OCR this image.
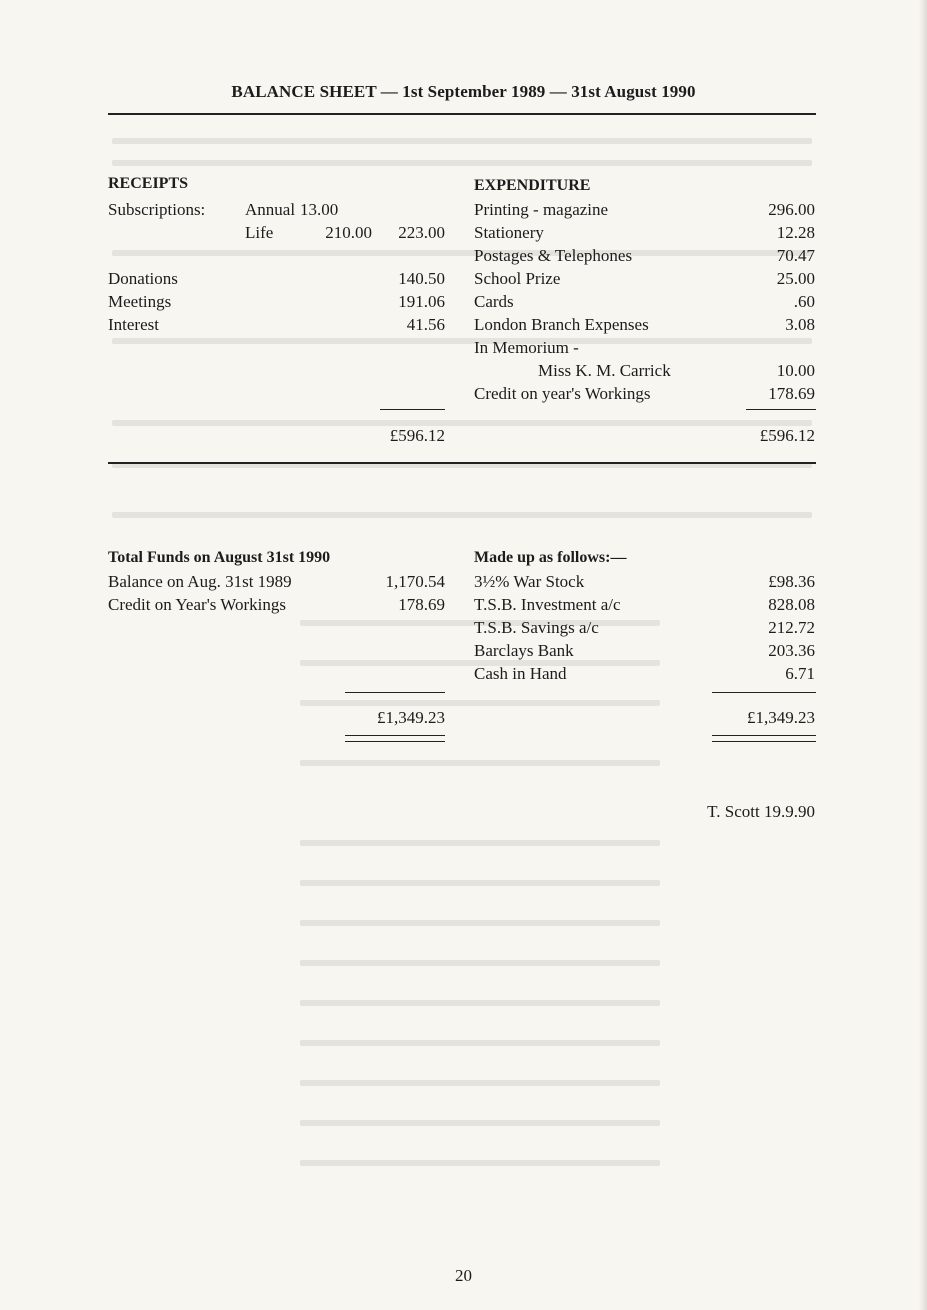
BALANCE SHEET — 1st September 1989 — 31st August 1990
RECEIPTS
Subscriptions: Annual 13.00
Life	210.00 223.00
Donations	140.50
Meetings	191.06
Interest	41.56
£596.12
EXPENDITURE
Printing - magazine	296.00
Stationery	12.28
Postages & Telephones	70.47
School Prize	25.00
Cards	.60
London Branch Expenses	3.08
In Memorium -
Miss K. M. Carrick	10.00
Credit on year's Workings	178.69
£596.12
Total Funds on August 31st 1990
Balance on Aug. 31st 1989	1,170.54
Credit on Year's Workings	178.69
£1,349.23
Made up as follows:—
3½% War Stock	£98.36
T.S.B. Investment a/c	828.08
T.S.B. Savings a/c	212.72
Barclays Bank	203.36
Cash in Hand	6.71
£1,349.23
T. Scott 19.9.90
20
